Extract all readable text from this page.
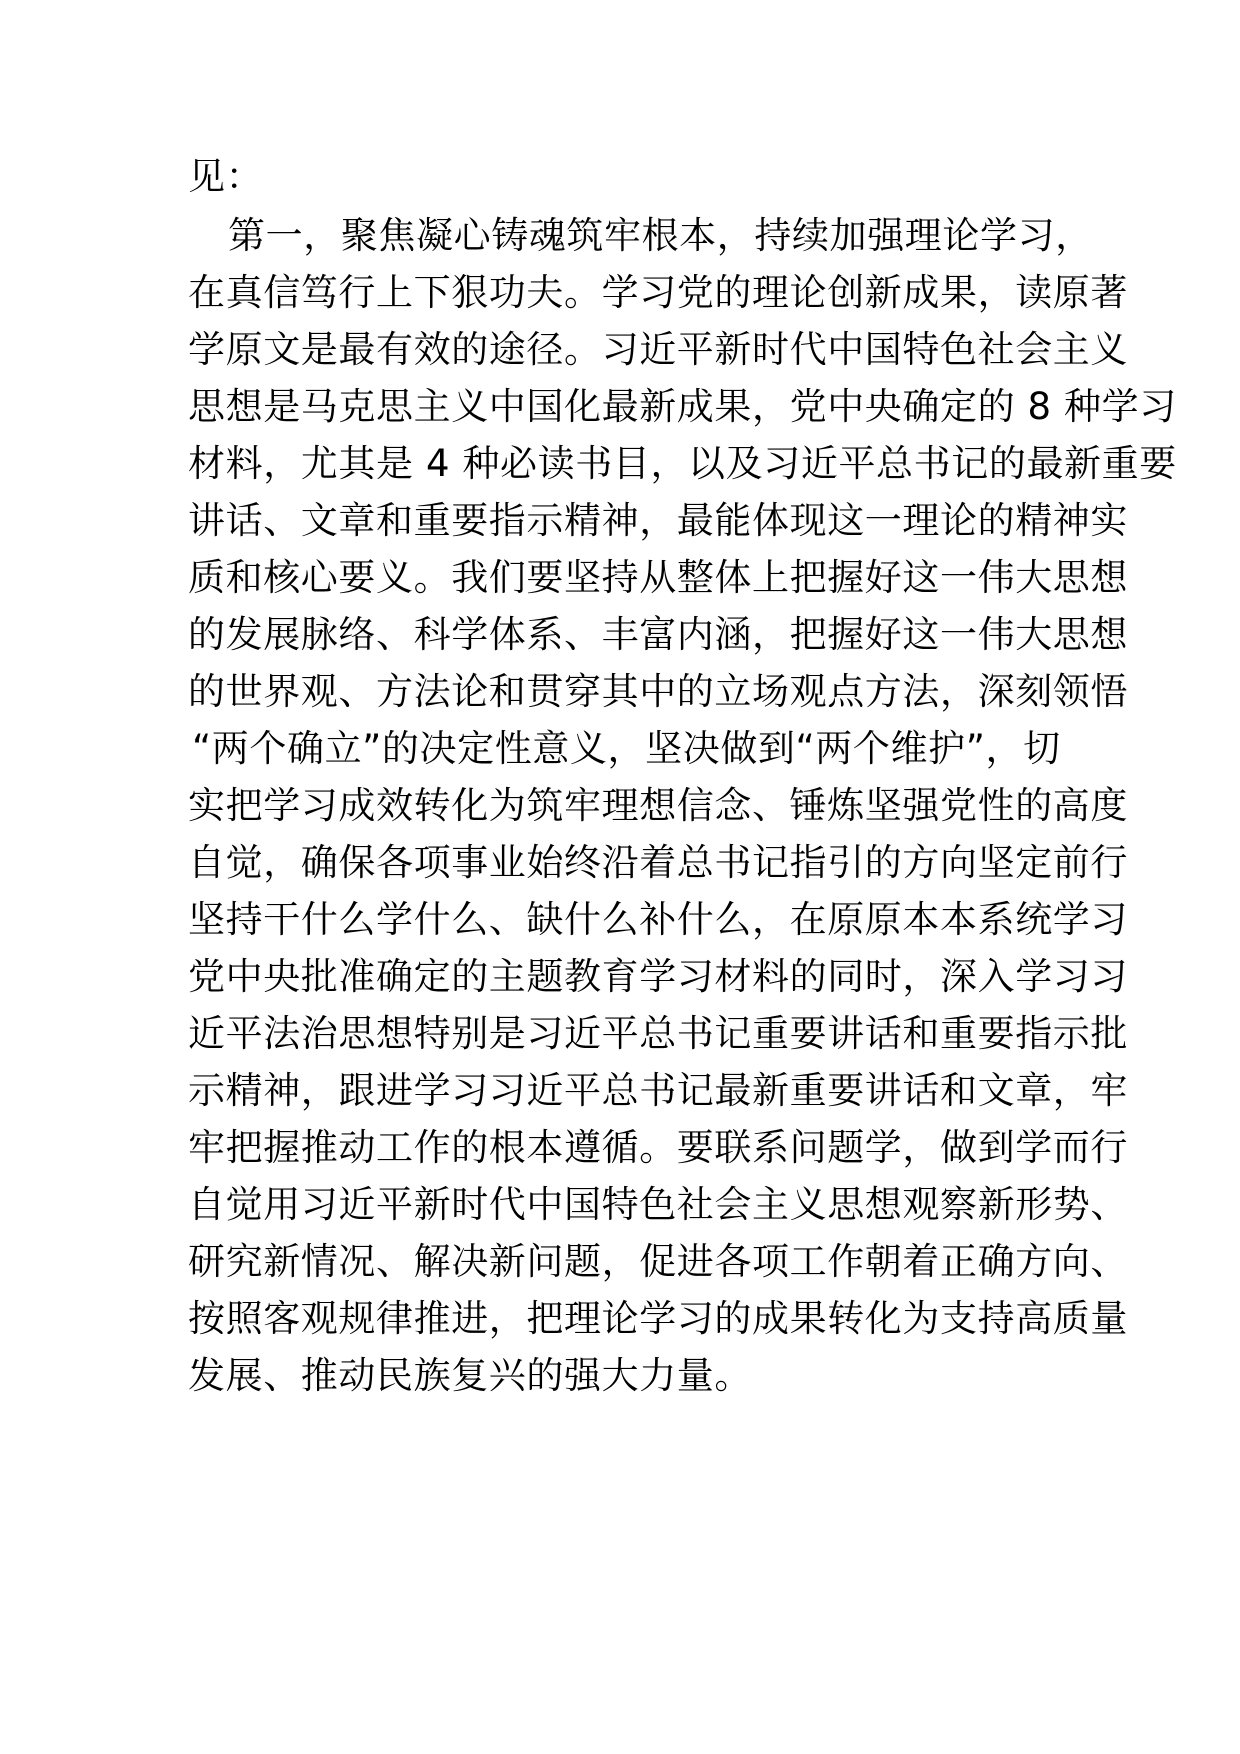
见：
第一，聚焦凝心铸魂筑牢根本，持续加强理论学习，
在真信笃行上下狠功夫。学习党的理论创新成果，读原著
学原文是最有效的途径。习近平新时代中国特色社会主义
思想是马克思主义中国化最新成果，党中央确定的 8 种学习
材料，尤其是 4 种必读书目，以及习近平总书记的最新重要
讲话、文章和重要指示精神，最能体现这一理论的精神实
质和核心要义。我们要坚持从整体上把握好这一伟大思想
的发展脉络、科学体系、丰富内涵，把握好这一伟大思想
的世界观、方法论和贯穿其中的立场观点方法，深刻领悟
“两个确立”的决定性意义，坚决做到“两个维护”，切
实把学习成效转化为筑牢理想信念、锤炼坚强党性的高度
自觉，确保各项事业始终沿着总书记指引的方向坚定前行
坚持干什么学什么、缺什么补什么，在原原本本系统学习
党中央批准确定的主题教育学习材料的同时，深入学习习
近平法治思想特别是习近平总书记重要讲话和重要指示批
示精神，跟进学习习近平总书记最新重要讲话和文章，牢
牢把握推动工作的根本遵循。要联系问题学，做到学而行
自觉用习近平新时代中国特色社会主义思想观察新形势、
研究新情况、解决新问题，促进各项工作朝着正确方向、
按照客观规律推进，把理论学习的成果转化为支持高质量
发展、推动民族复兴的强大力量。
